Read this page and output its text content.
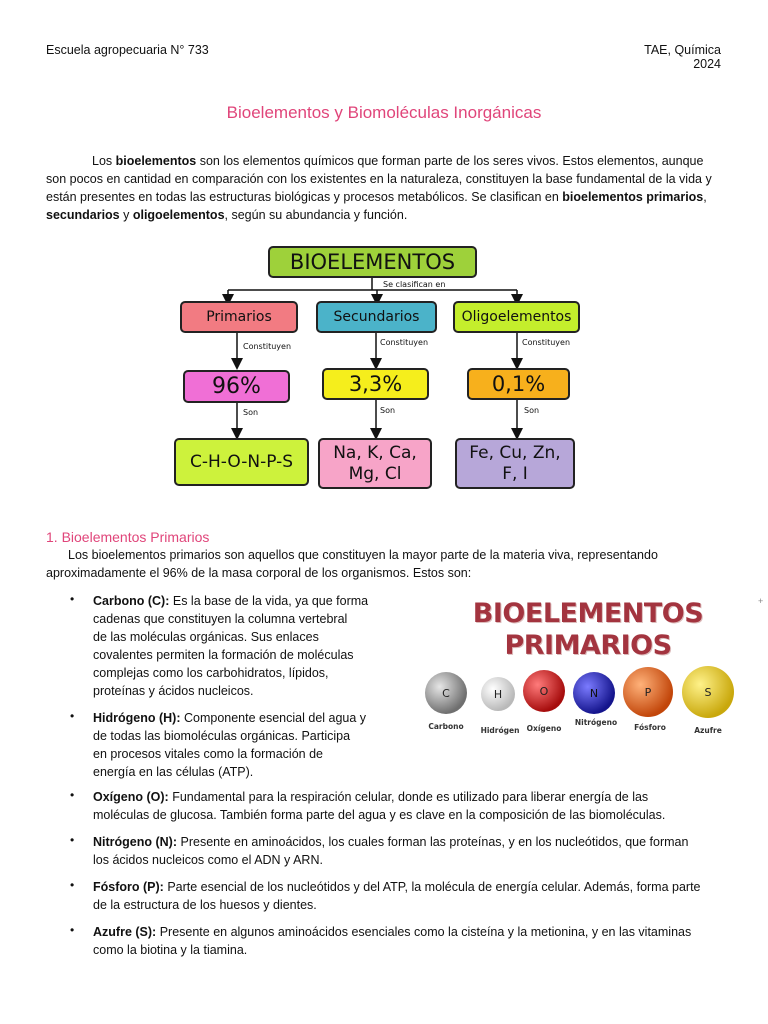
Escuela agropecuaria N° 733	TAE, Química
2024
Bioelementos y Biomoléculas Inorgánicas
Los bioelementos son los elementos químicos que forman parte de los seres vivos. Estos elementos, aunque son pocos en cantidad en comparación con los existentes en la naturaleza, constituyen la base fundamental de la vida y están presentes en todas las estructuras biológicas y procesos metabólicos. Se clasifican en bioelementos primarios, secundarios y oligoelementos, según su abundancia y función.
BIOELEMENTOS
Se clasifican en
Primarios	Secundarios	Oligoelementos
Constituyen	Constituyen	Constituyen
96%	3,3%	0,1%
Son	Son	Son
C-H-O-N-P-S	Na, K, Ca,
Mg, Cl
Fe, Cu, Zn,
F, I
1. Bioelementos Primarios
Los bioelementos primarios son aquellos que constituyen la mayor parte de la materia viva, representando aproximadamente el 96% de la masa corporal de los organismos. Estos son:
BIOELEMENTOS
PRIMARIOS
+
C	H	O	N	P	S
Carbono	Hidrógen Oxígeno
Nitrógeno
Fósforo	Azufre
• Carbono (C): Es la base de la vida, ya que forma
cadenas que constituyen la columna vertebral
de las moléculas orgánicas. Sus enlaces
covalentes permiten la formación de moléculas
complejas como los carbohidratos, lípidos,
proteínas y ácidos nucleicos.
• Hidrógeno (H): Componente esencial del agua y
de todas las biomoléculas orgánicas. Participa
en procesos vitales como la formación de
energía en las células (ATP).
• Oxígeno (O): Fundamental para la respiración celular, donde es utilizado para liberar energía de las
moléculas de glucosa. También forma parte del agua y es clave en la composición de las biomoléculas.
• Nitrógeno (N): Presente en aminoácidos, los cuales forman las proteínas, y en los nucleótidos, que forman
los ácidos nucleicos como el ADN y ARN.
• Fósforo (P): Parte esencial de los nucleótidos y del ATP, la molécula de energía celular. Además, forma parte
de la estructura de los huesos y dientes.
• Azufre (S): Presente en algunos aminoácidos esenciales como la cisteína y la metionina, y en las vitaminas
como la biotina y la tiamina.
